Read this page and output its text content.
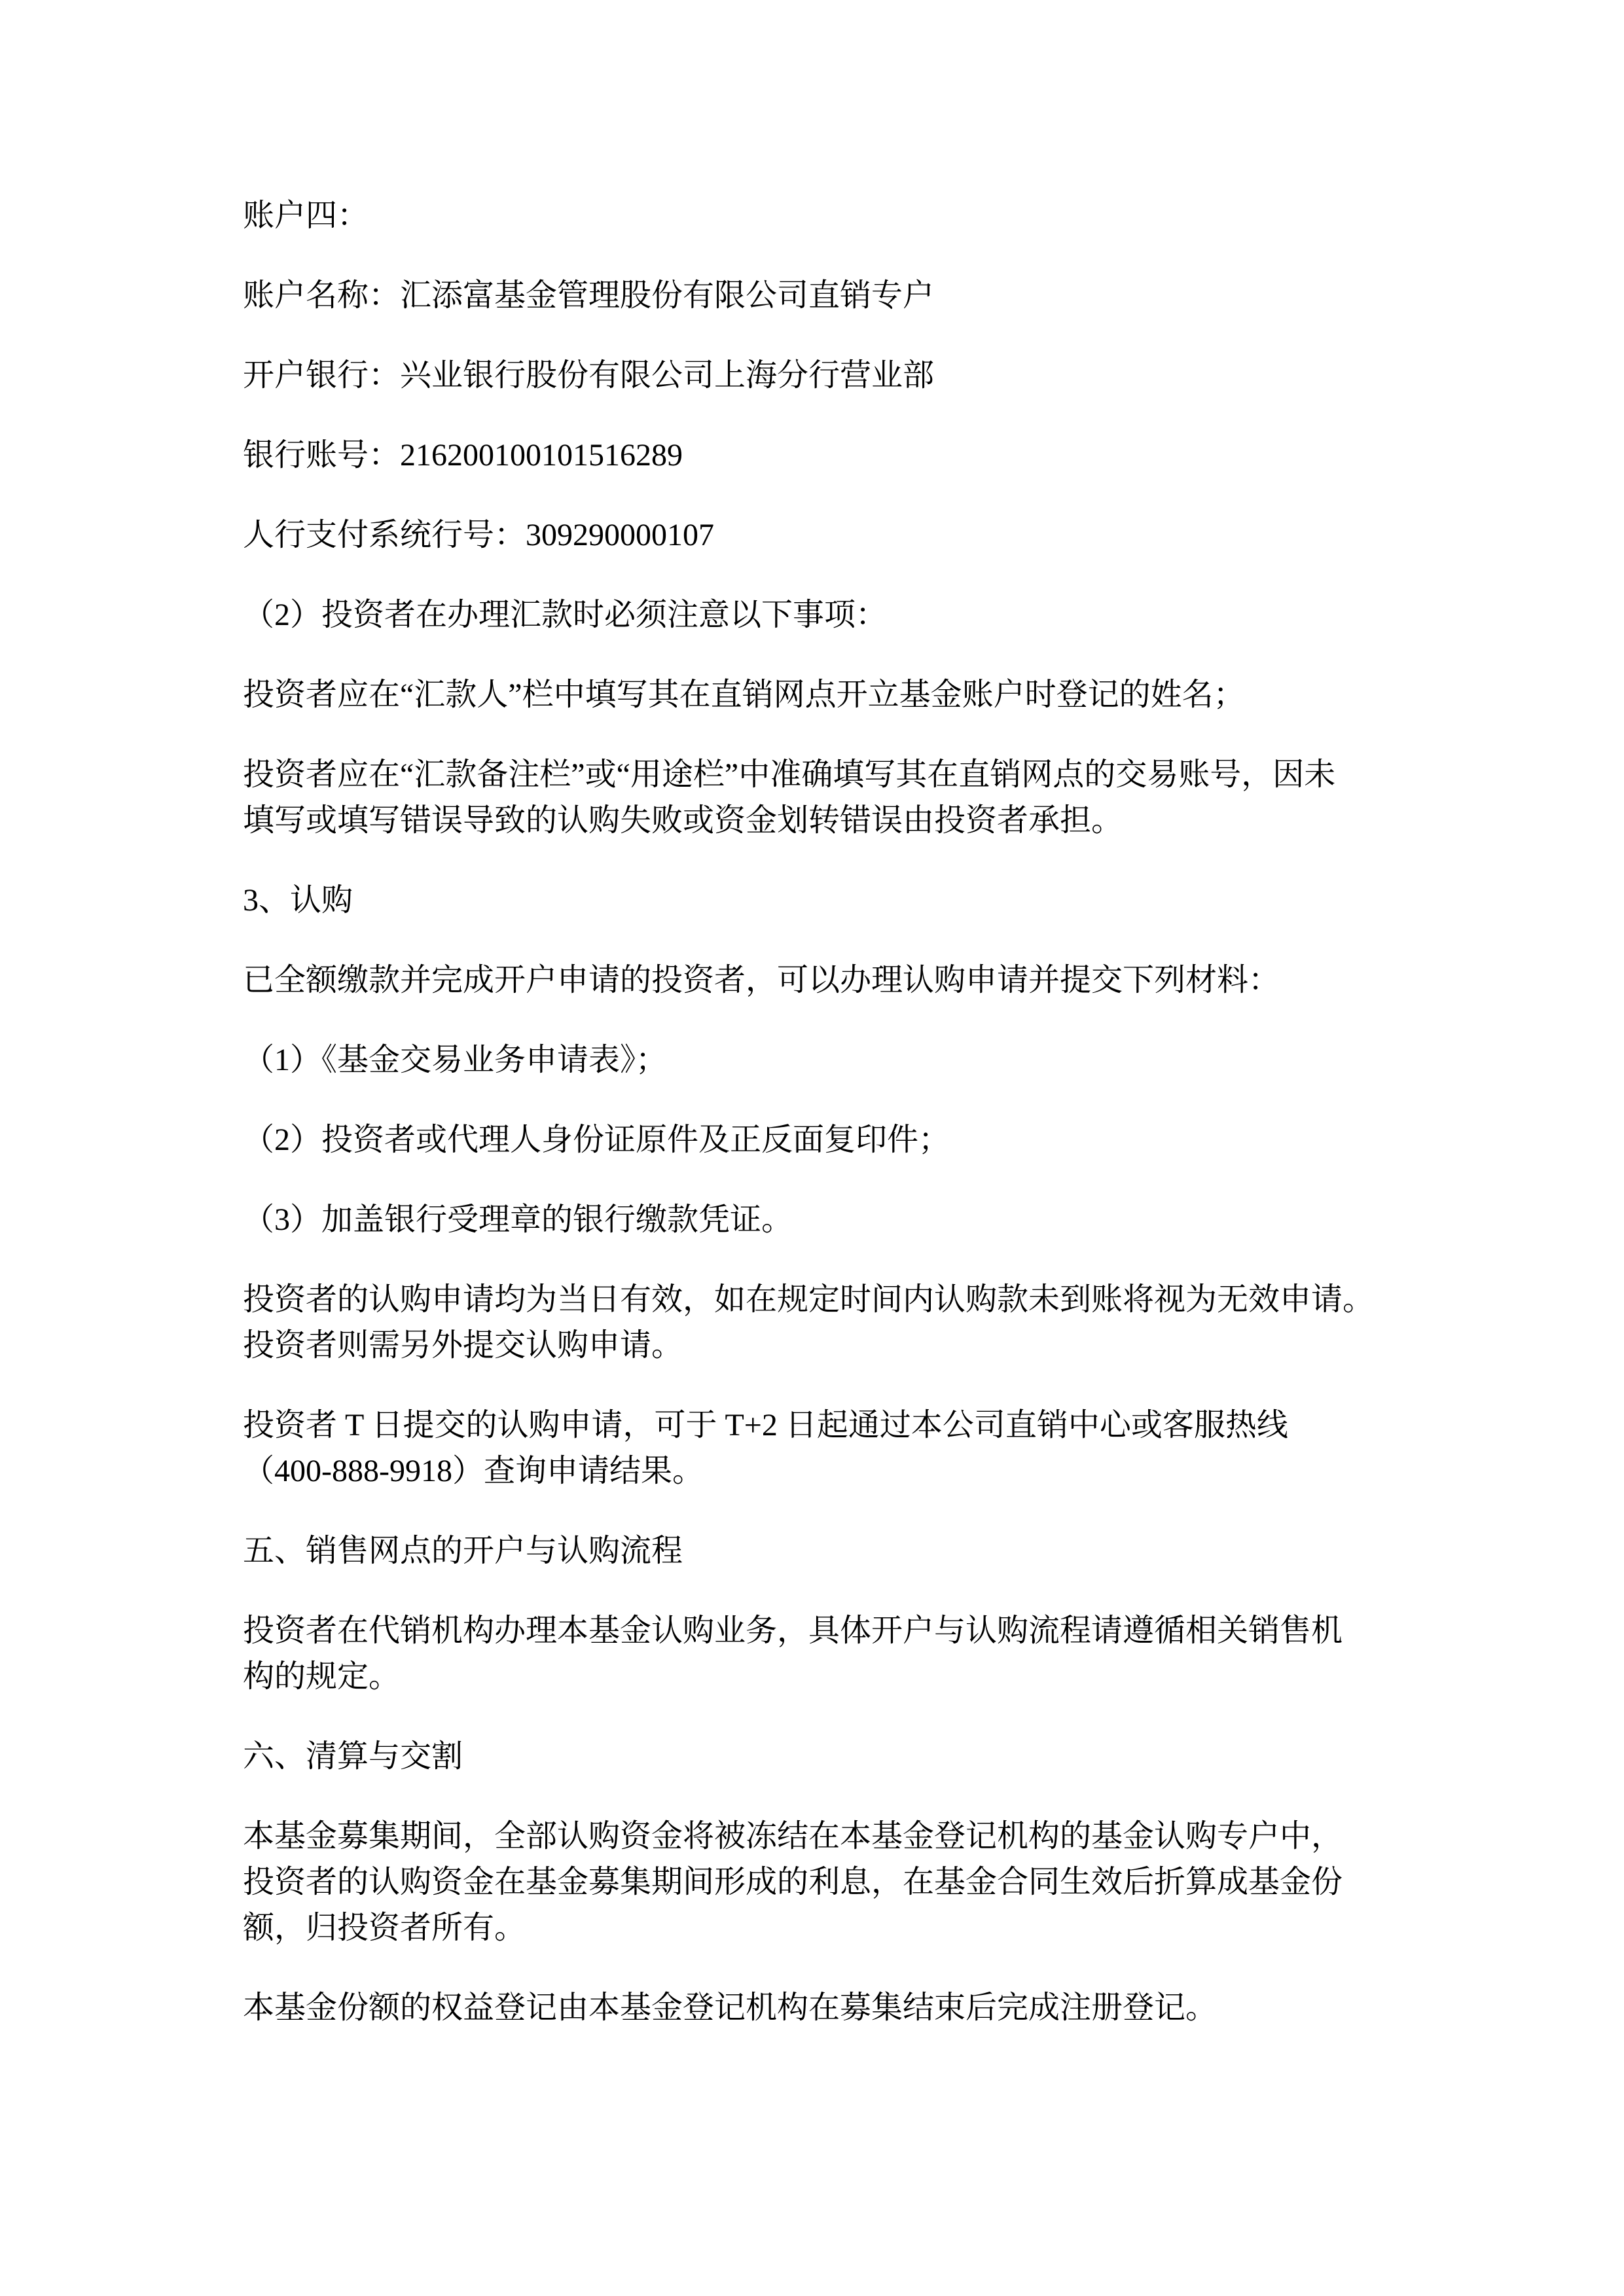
账户四：
账户名称：汇添富基金管理股份有限公司直销专户
开户银行：兴业银行股份有限公司上海分行营业部
银行账号：216200100101516289
人行支付系统行号：309290000107
（2）投资者在办理汇款时必须注意以下事项：
投资者应在“汇款人”栏中填写其在直销网点开立基金账户时登记的姓名；
投资者应在“汇款备注栏”或“用途栏”中准确填写其在直销网点的交易账号，因未
填写或填写错误导致的认购失败或资金划转错误由投资者承担。
3、认购
已全额缴款并完成开户申请的投资者，可以办理认购申请并提交下列材料：
（1）《基金交易业务申请表》；
（2）投资者或代理人身份证原件及正反面复印件；
（3）加盖银行受理章的银行缴款凭证。
投资者的认购申请均为当日有效，如在规定时间内认购款未到账将视为无效申请。
投资者则需另外提交认购申请。
投资者 T 日提交的认购申请，可于 T+2 日起通过本公司直销中心或客服热线
（400-888-9918）查询申请结果。
五、销售网点的开户与认购流程
投资者在代销机构办理本基金认购业务，具体开户与认购流程请遵循相关销售机
构的规定。
六、清算与交割
本基金募集期间，全部认购资金将被冻结在本基金登记机构的基金认购专户中，
投资者的认购资金在基金募集期间形成的利息，在基金合同生效后折算成基金份
额，归投资者所有。
本基金份额的权益登记由本基金登记机构在募集结束后完成注册登记。
